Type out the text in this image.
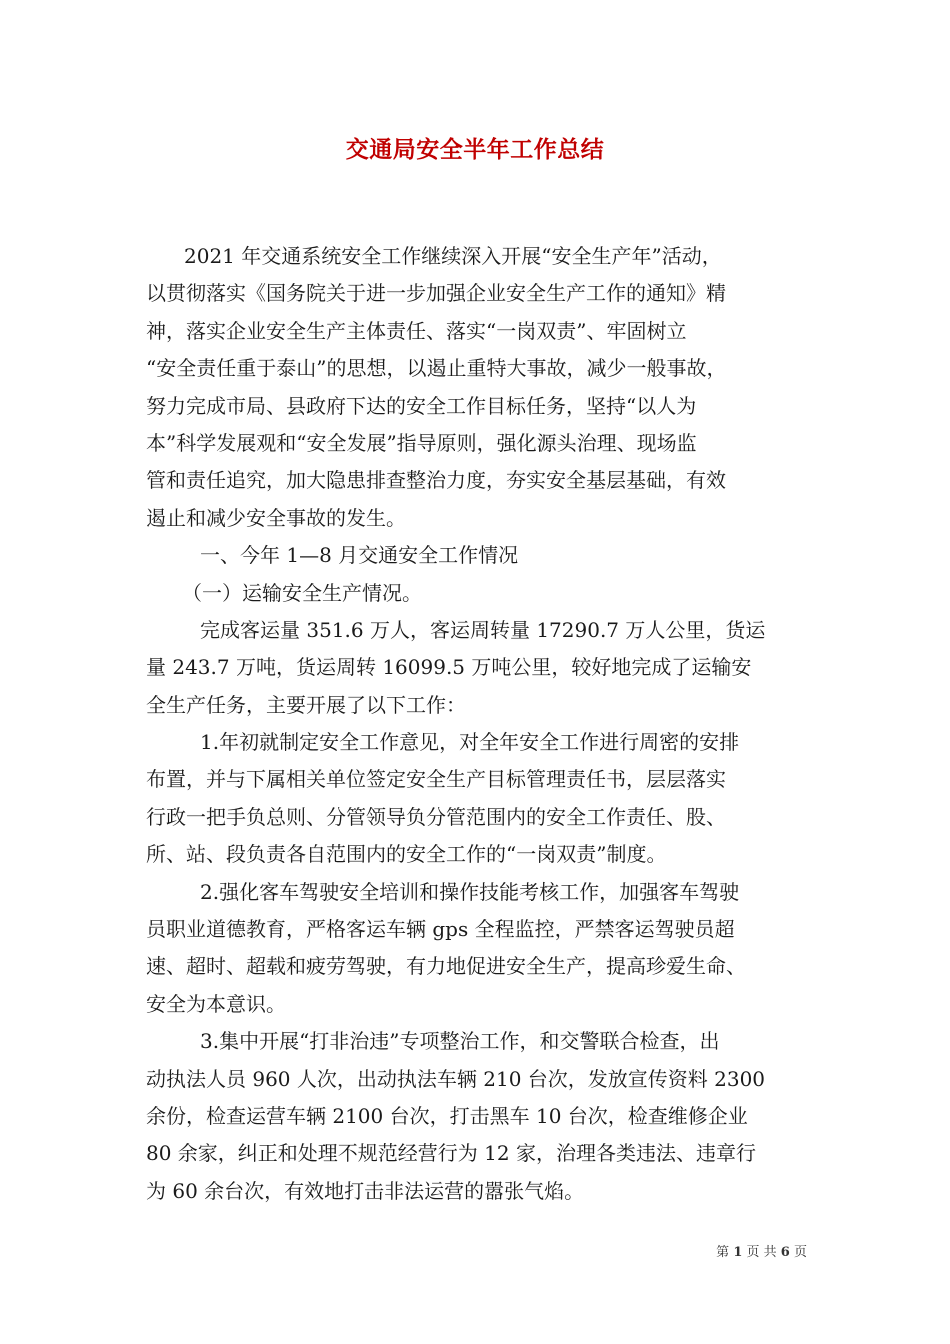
交通局安全半年工作总结

2021 年交通系统安全工作继续深入开展“安全生产年”活动，

以贯彻落实《国务院关于进一步加强企业安全生产工作的通知》精

神，落实企业安全生产主体责任、落实“一岗双责”、牢固树立

“安全责任重于泰山”的思想，以遏止重特大事故，减少一般事故，

努力完成市局、县政府下达的安全工作目标任务，坚持“以人为

本”科学发展观和“安全发展”指导原则，强化源头治理、现场监

管和责任追究，加大隐患排查整治力度，夯实安全基层基础，有效

遏止和减少安全事故的发生。

一、今年 1—8 月交通安全工作情况

（一）运输安全生产情况。

完成客运量 351.6 万人，客运周转量 17290.7 万人公里，货运

量 243.7 万吨，货运周转 16099.5 万吨公里，较好地完成了运输安

全生产任务，主要开展了以下工作：

1.年初就制定安全工作意见，对全年安全工作进行周密的安排

布置，并与下属相关单位签定安全生产目标管理责任书，层层落实

行政一把手负总则、分管领导负分管范围内的安全工作责任、股、

所、站、段负责各自范围内的安全工作的“一岗双责”制度。

2.强化客车驾驶安全培训和操作技能考核工作，加强客车驾驶

员职业道德教育，严格客运车辆 gps 全程监控，严禁客运驾驶员超

速、超时、超载和疲劳驾驶，有力地促进安全生产，提高珍爱生命、

安全为本意识。

3.集中开展“打非治违”专项整治工作，和交警联合检查，出

动执法人员 960 人次，出动执法车辆 210 台次，发放宣传资料 2300

余份，检查运营车辆 2100 台次，打击黑车 10 台次，检查维修企业

80 余家，纠正和处理不规范经营行为 12 家，治理各类违法、违章行

为 60 余台次，有效地打击非法运营的嚣张气焰。

第 1 页 共 6 页
